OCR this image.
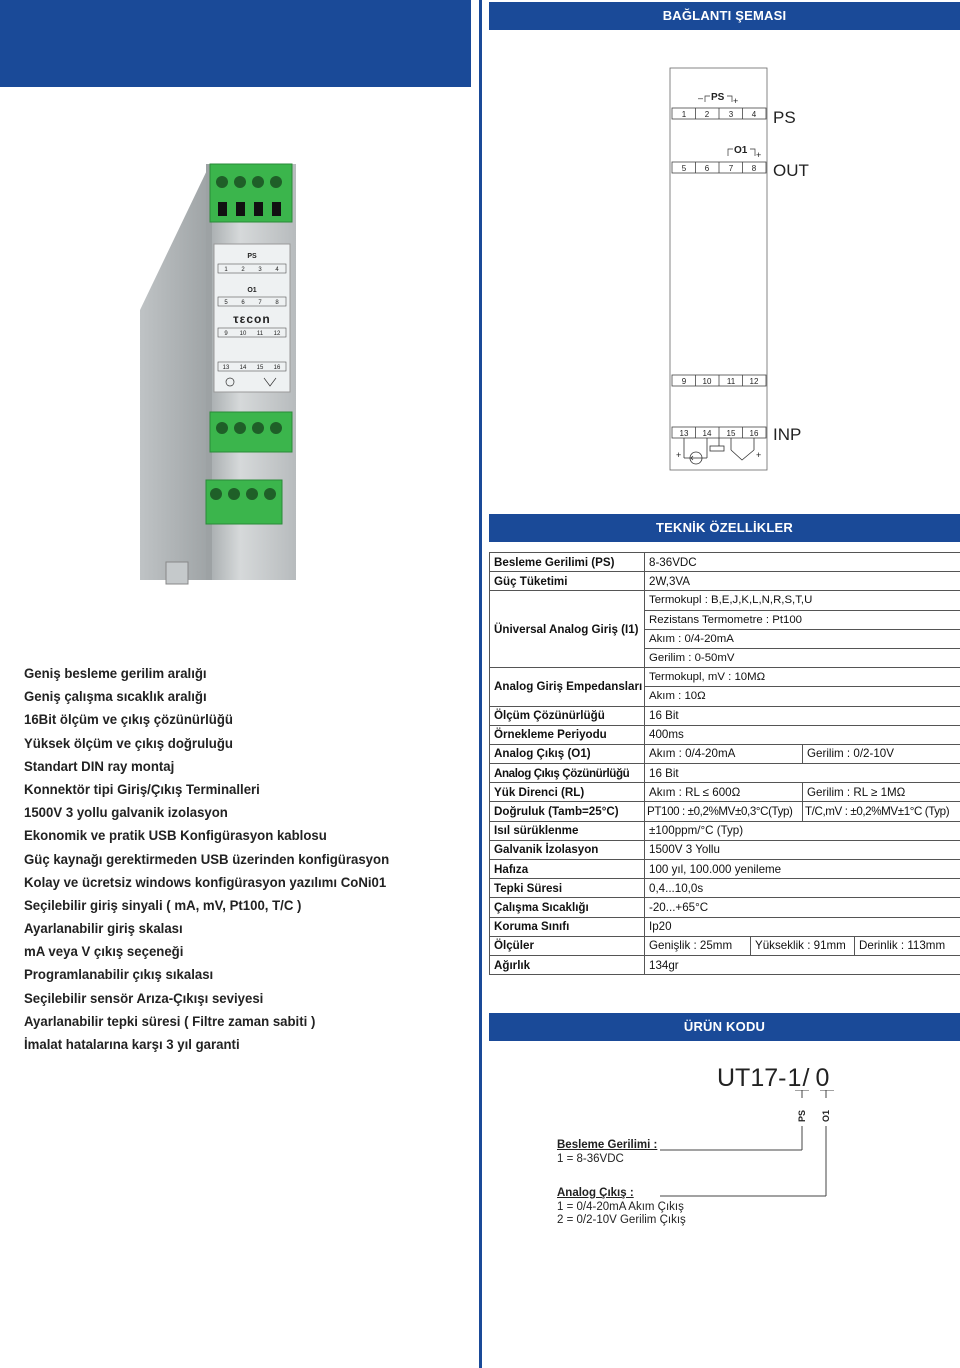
BAĞLANTI ŞEMASI
TEKNİK ÖZELLİKLER
ÜRÜN KODU
PS
1 2 3 4
O1
5 6 7 8
τεcοn
9 10 11 12
13 14 15 16
– PS +
1 2 3 4 PS
O1 +
5 6 7 8 OUT
9 10 11 12
13 14 15 16 INP
+	+
Geniş besleme gerilim aralığı
Geniş çalışma sıcaklık aralığı
16Bit ölçüm ve çıkış çözünürlüğü
Yüksek ölçüm ve çıkış doğruluğu
Standart DIN ray montaj
Konnektör tipi Giriş/Çıkış Terminalleri
1500V 3 yollu galvanik izolasyon
Ekonomik ve pratik USB Konfigürasyon kablosu
Güç kaynağı gerektirmeden USB üzerinden konfigürasyon
Kolay ve ücretsiz windows konfigürasyon yazılımı CoNi01
Seçilebilir giriş sinyali ( mA, mV, Pt100, T/C )
Ayarlanabilir giriş skalası
mA veya V çıkış seçeneği
Programlanabilir çıkış sıkalası
Seçilebilir sensör Arıza-Çıkışı seviyesi
Ayarlanabilir tepki süresi ( Filtre zaman sabiti )
İmalat hatalarına karşı 3 yıl garanti
Besleme Gerilimi (PS)	8-36VDC			
Güç Tüketimi	2W,3VA			
Üniversal Analog Giriş (I1)	Termokupl : B,E,J,K,L,N,R,S,T,U			
	Rezistans Termometre : Pt100			
	Akım : 0/4-20mA			
	Gerilim : 0-50mV			
Analog Giriş Empedansları	Termokupl, mV : 10MΩ			
	Akım : 10Ω			
Ölçüm Çözünürlüğü	16 Bit			
Örnekleme Periyodu	400ms			
Analog Çıkış (O1)	Akım : 0/4-20mA		Gerilim : 0/2-10V	
Analog Çıkış Çözünürlüğü	16 Bit			
Yük Direnci (RL)	Akım : RL ≤ 600Ω		Gerilim : RL ≥ 1MΩ	
Doğruluk (Tamb=25°C)	PT100 : ±0,2%MV±0,3°C(Typ)		T/C,mV : ±0,2%MV±1°C (Typ)	
Isıl sürüklenme	±100ppm/°C (Typ)			
Galvanik İzolasyon	1500V 3 Yollu			
Hafıza	100 yıl, 100.000 yenileme			
Tepki Süresi	0,4...10,0s			
Çalışma Sıcaklığı	-20...+65°C			
Koruma Sınıfı	Ip20			
Ölçüler	Genişlik : 25mm	Yükseklik : 91mm		Derinlik : 113mm
Ağırlık	134gr			
UT17-1/ 0
PS O1
Besleme Gerilimi :
1 = 8-36VDC
Analog Çıkış :
1 = 0/4-20mA Akım Çıkış
2 = 0/2-10V Gerilim Çıkış
